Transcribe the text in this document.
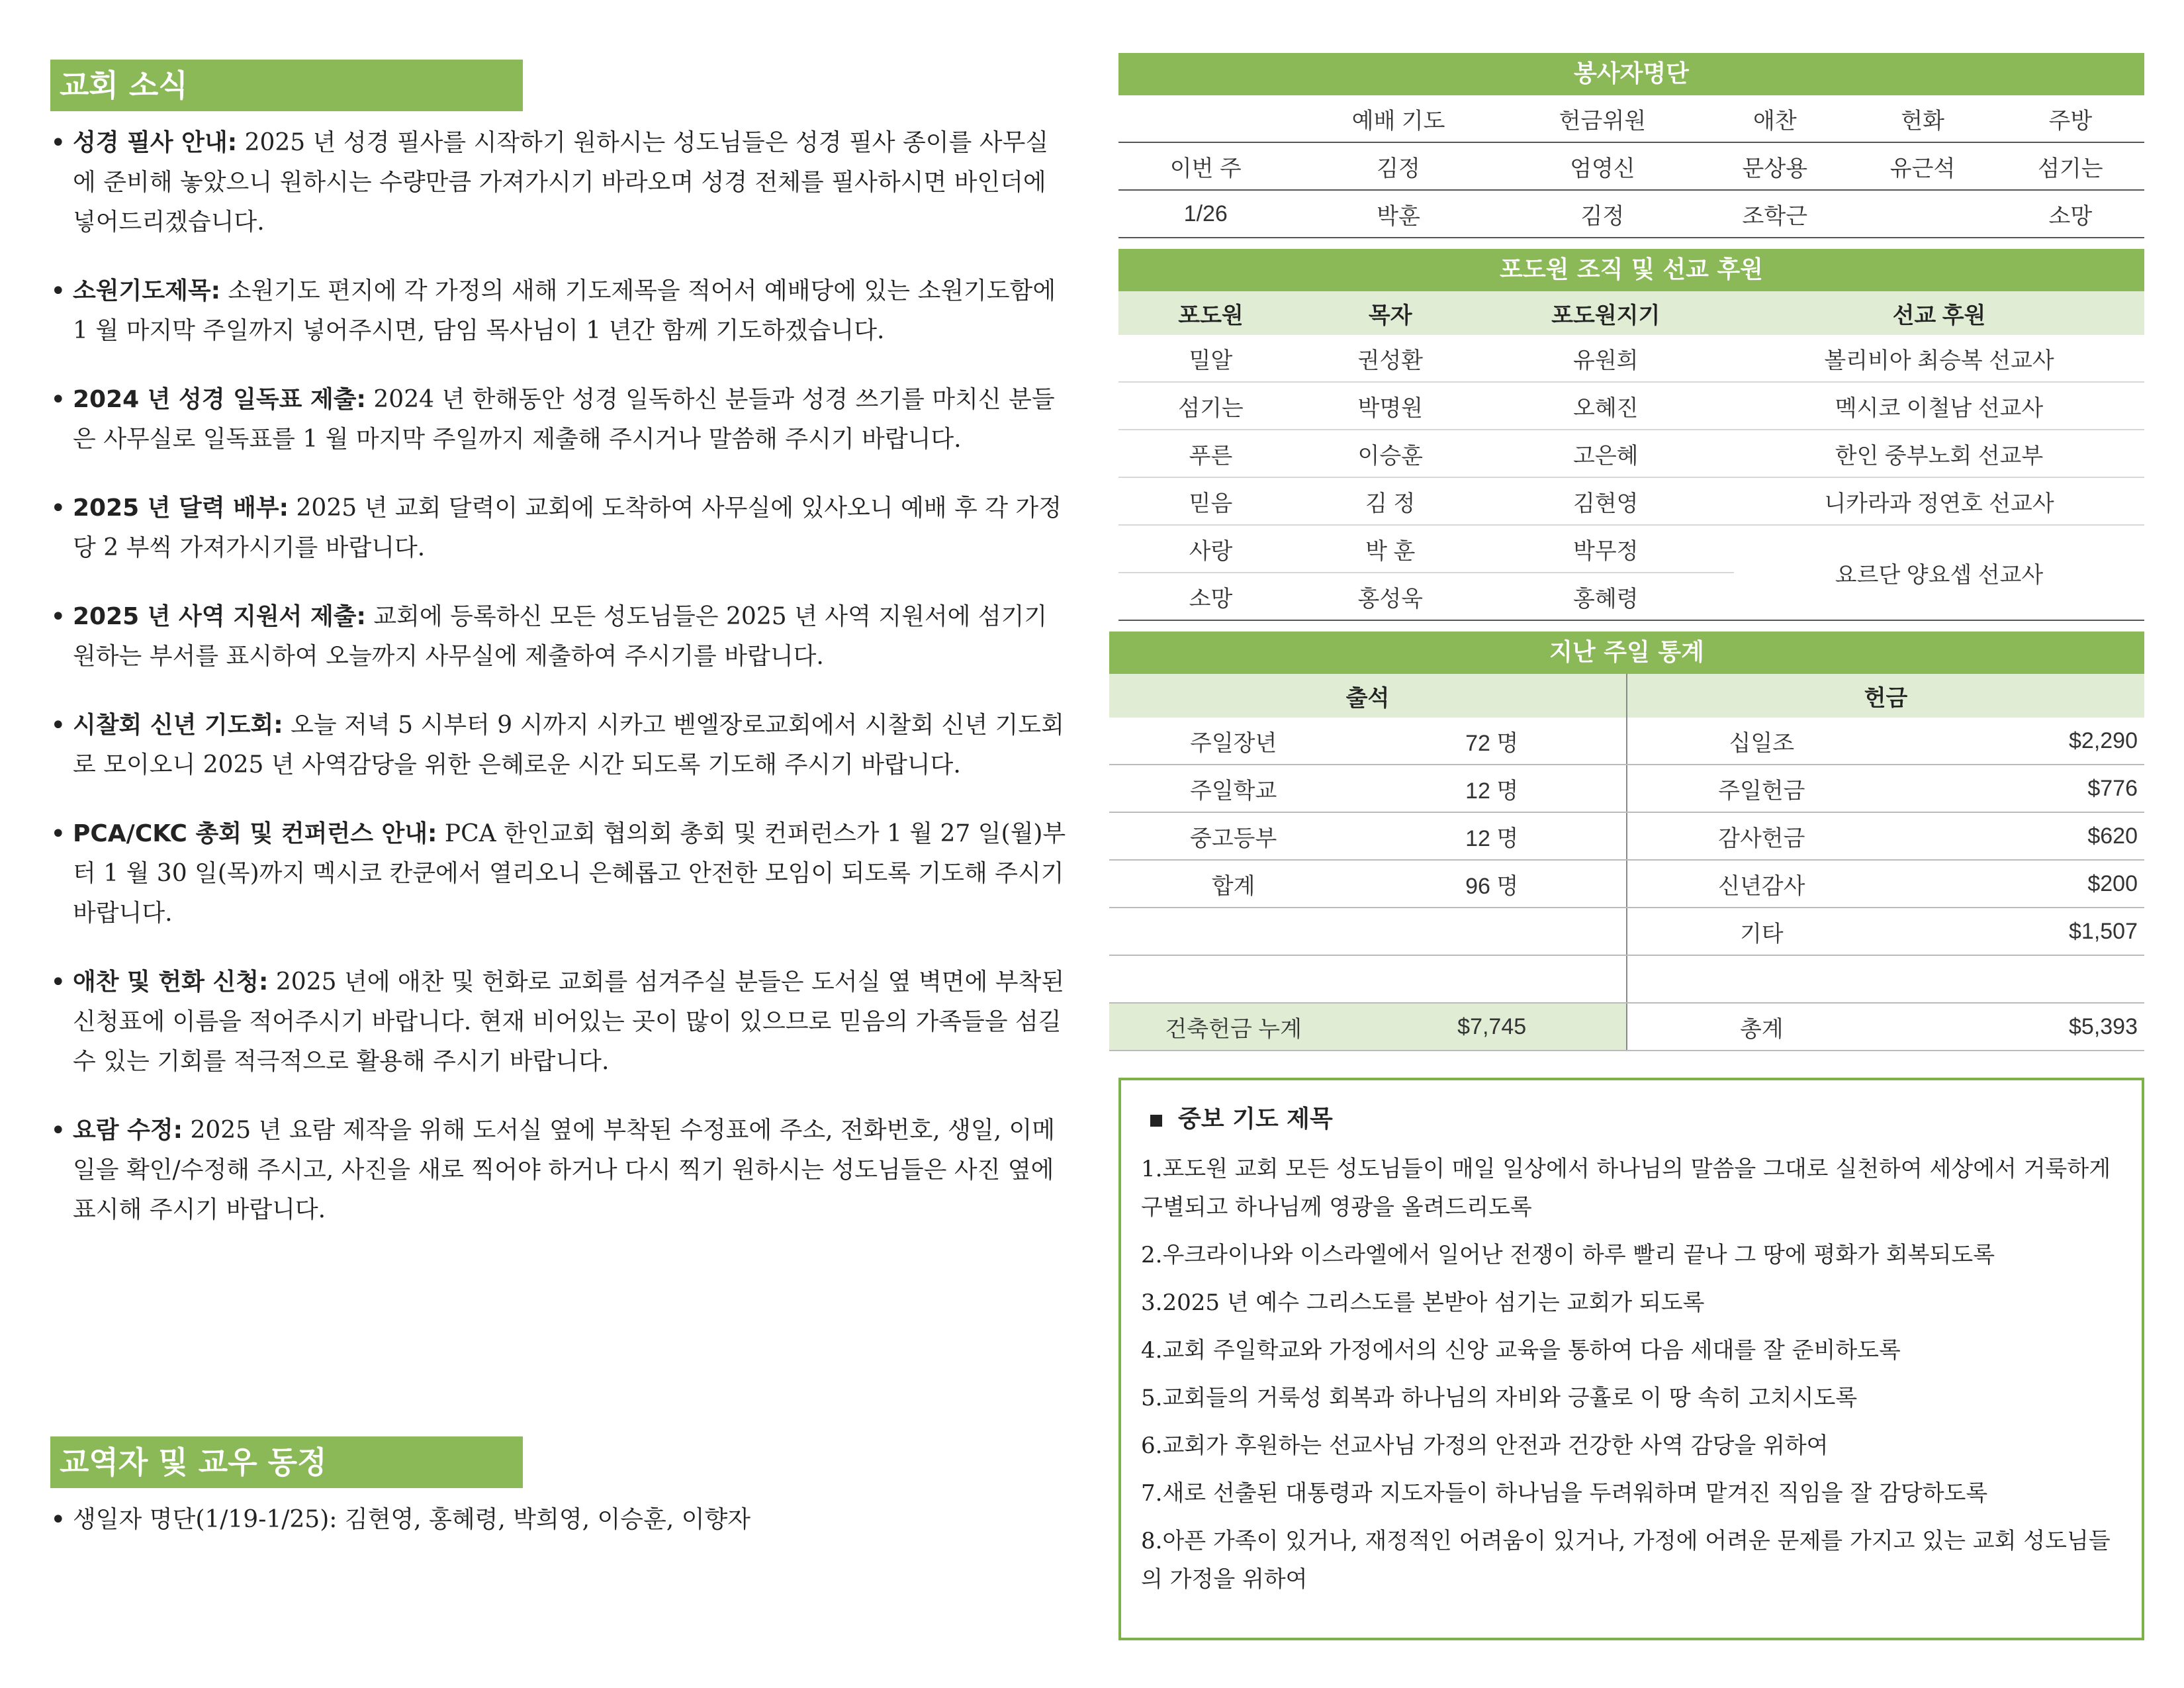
교회 소식
• 성경 필사 안내: 2025 년 성경 필사를 시작하기 원하시는 성도님들은 성경 필사 종이를 사무실에 준비해 놓았으니 원하시는 수량만큼 가져가시기 바라오며 성경 전체를 필사하시면 바인더에 넣어드리겠습니다.
• 소원기도제목: 소원기도 편지에 각 가정의 새해 기도제목을 적어서 예배당에 있는 소원기도함에 1 월 마지막 주일까지 넣어주시면, 담임 목사님이 1 년간 함께 기도하겠습니다.
• 2024 년 성경 일독표 제출: 2024 년 한해동안 성경 일독하신 분들과 성경 쓰기를 마치신 분들은 사무실로 일독표를 1 월 마지막 주일까지 제출해 주시거나 말씀해 주시기 바랍니다.
• 2025 년 달력 배부: 2025 년 교회 달력이 교회에 도착하여 사무실에 있사오니 예배 후 각 가정 당 2 부씩 가져가시기를 바랍니다.
• 2025 년 사역 지원서 제출: 교회에 등록하신 모든 성도님들은 2025 년 사역 지원서에 섬기기 원하는 부서를 표시하여 오늘까지 사무실에 제출하여 주시기를 바랍니다.
• 시찰회 신년 기도회: 오늘 저녁 5 시부터 9 시까지 시카고 벧엘장로교회에서 시찰회 신년 기도회로 모이오니 2025 년 사역감당을 위한 은혜로운 시간 되도록 기도해 주시기 바랍니다.
• PCA/CKC 총회 및 컨퍼런스 안내: PCA 한인교회 협의회 총회 및 컨퍼런스가 1 월 27 일(월)부터 1 월 30 일(목)까지 멕시코 칸쿤에서 열리오니 은혜롭고 안전한 모임이 되도록 기도해 주시기 바랍니다.
• 애찬 및 헌화 신청: 2025 년에 애찬 및 헌화로 교회를 섬겨주실 분들은 도서실 옆 벽면에 부착된 신청표에 이름을 적어주시기 바랍니다. 현재 비어있는 곳이 많이 있으므로 믿음의 가족들을 섬길 수 있는 기회를 적극적으로 활용해 주시기 바랍니다.
• 요람 수정: 2025 년 요람 제작을 위해 도서실 옆에 부착된 수정표에 주소, 전화번호, 생일, 이메일을 확인/수정해 주시고, 사진을 새로 찍어야 하거나 다시 찍기 원하시는 성도님들은 사진 옆에 표시해 주시기 바랍니다.
교역자 및 교우 동정
• 생일자 명단(1/19-1/25): 김현영, 홍혜령, 박희영, 이승훈, 이향자
봉사자명단
	예배 기도	헌금위원	애찬	헌화	주방
이번 주	김정	엄영신	문상용	유근석	섬기는
1/26	박훈	김정	조학근		소망
포도원 조직 및 선교 후원
포도원	목자	포도원지기	선교 후원
밀알	권성환	유원희	볼리비아 최승복 선교사
섬기는	박명원	오혜진	멕시코 이철남 선교사
푸른	이승훈	고은혜	한인 중부노회 선교부
믿음	김 정	김현영	니카라과 정연호 선교사
사랑	박 훈	박무정	요르단 양요셉 선교사
소망	홍성욱	홍혜령	
지난 주일 통계
출석		헌금	
주일장년	72 명	십일조	$2,290
주일학교	12 명	주일헌금	$776
중고등부	12 명	감사헌금	$620
합계	96 명	신년감사	$200
		기타	$1,507

건축헌금 누계	$7,745	총계	$5,393
중보 기도 제목
1.포도원 교회 모든 성도님들이 매일 일상에서 하나님의 말씀을 그대로 실천하여 세상에서 거룩하게 구별되고 하나님께 영광을 올려드리도록
2.우크라이나와 이스라엘에서 일어난 전쟁이 하루 빨리 끝나 그 땅에 평화가 회복되도록
3.2025 년 예수 그리스도를 본받아 섬기는 교회가 되도록
4.교회 주일학교와 가정에서의 신앙 교육을 통하여 다음 세대를 잘 준비하도록
5.교회들의 거룩성 회복과 하나님의 자비와 긍휼로 이 땅 속히 고치시도록
6.교회가 후원하는 선교사님 가정의 안전과 건강한 사역 감당을 위하여
7.새로 선출된 대통령과 지도자들이 하나님을 두려워하며 맡겨진 직임을 잘 감당하도록
8.아픈 가족이 있거나, 재정적인 어려움이 있거나, 가정에 어려운 문제를 가지고 있는 교회 성도님들의 가정을 위하여
